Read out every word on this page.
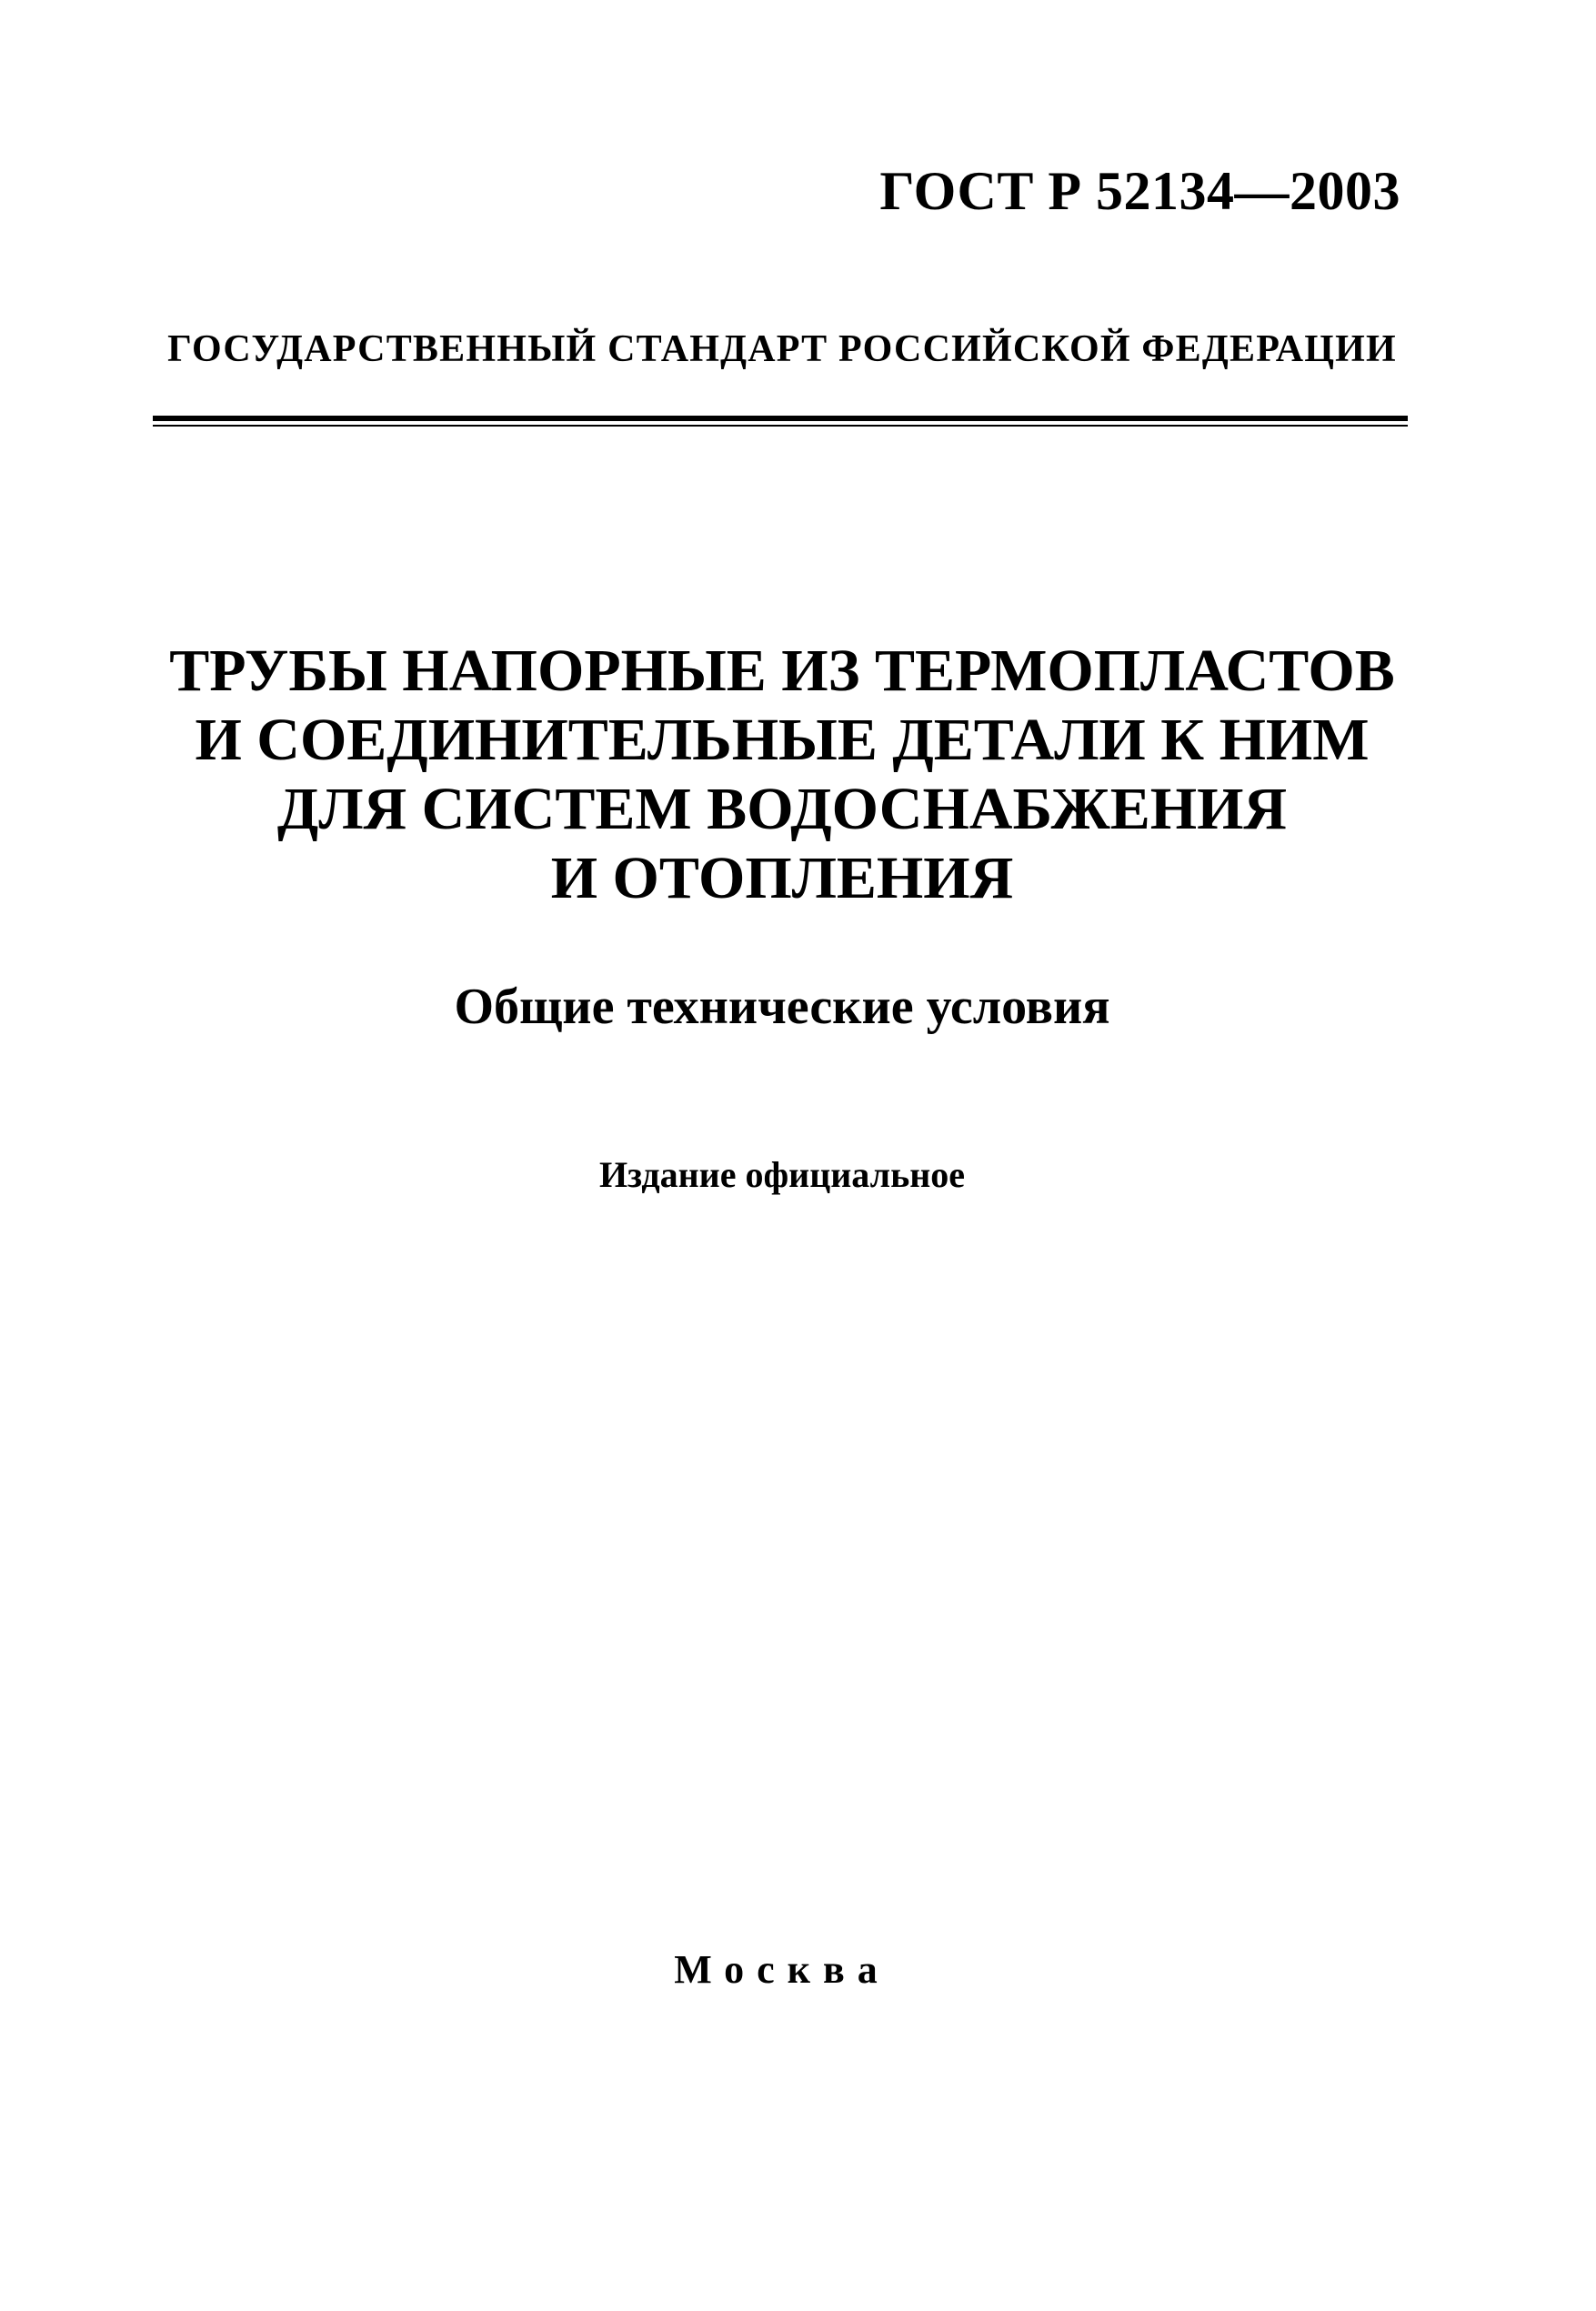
ГОСТ Р 52134—2003
ГОСУДАРСТВЕННЫЙ СТАНДАРТ РОССИЙСКОЙ ФЕДЕРАЦИИ
ТРУБЫ НАПОРНЫЕ ИЗ ТЕРМОПЛАСТОВ
И СОЕДИНИТЕЛЬНЫЕ ДЕТАЛИ К НИМ
ДЛЯ СИСТЕМ ВОДОСНАБЖЕНИЯ
И ОТОПЛЕНИЯ
Общие технические условия
Издание официальное
Москва
